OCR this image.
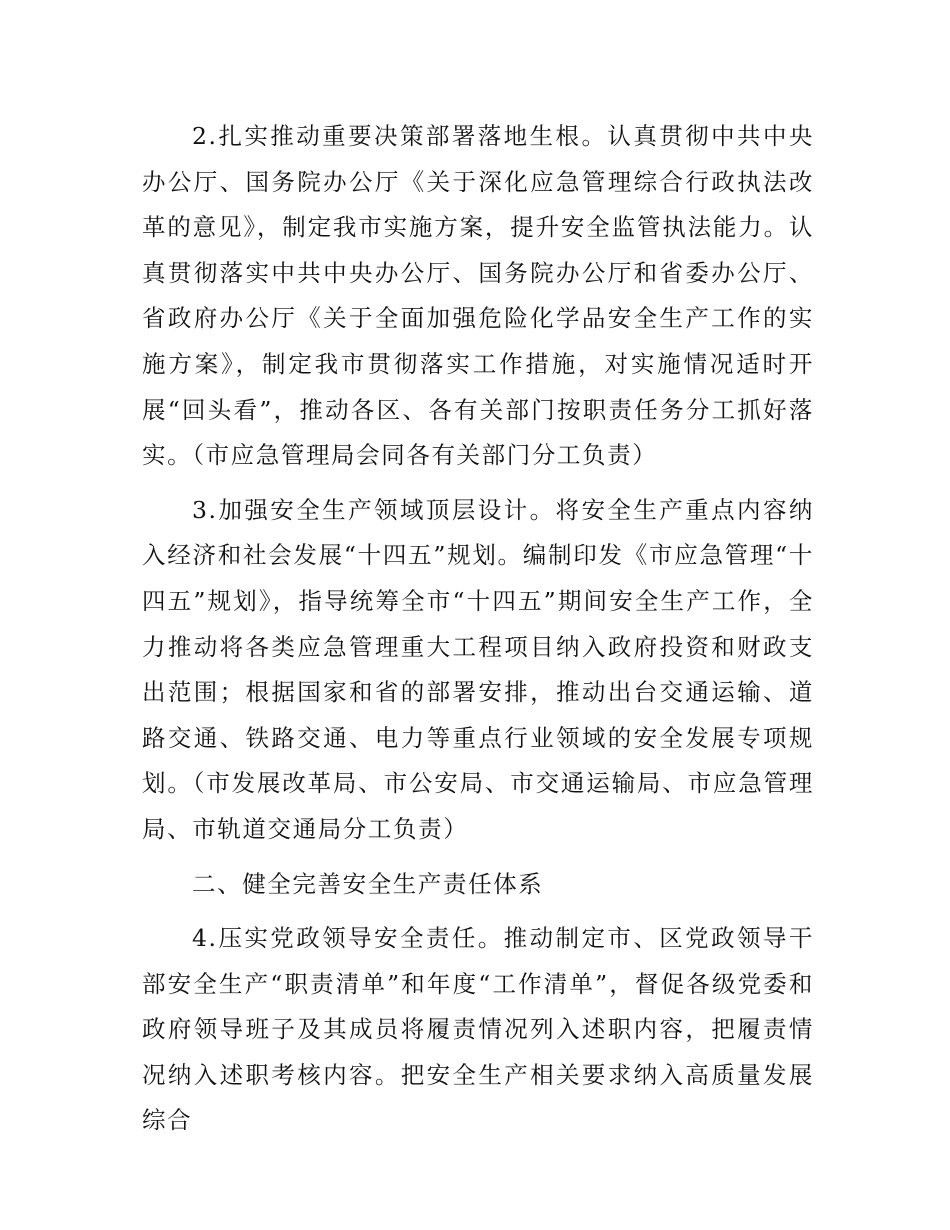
2.扎实推动重要决策部署落地生根。认真贯彻中共中央办公厅、国务院办公厅《关于深化应急管理综合行政执法改革的意见》，制定我市实施方案，提升安全监管执法能力。认真贯彻落实中共中央办公厅、国务院办公厅和省委办公厅、省政府办公厅《关于全面加强危险化学品安全生产工作的实施方案》，制定我市贯彻落实工作措施，对实施情况适时开展“回头看”，推动各区、各有关部门按职责任务分工抓好落实。（市应急管理局会同各有关部门分工负责）

3.加强安全生产领域顶层设计。将安全生产重点内容纳入经济和社会发展“十四五”规划。编制印发《市应急管理“十四五”规划》，指导统筹全市“十四五”期间安全生产工作，全力推动将各类应急管理重大工程项目纳入政府投资和财政支出范围；根据国家和省的部署安排，推动出台交通运输、道路交通、铁路交通、电力等重点行业领域的安全发展专项规划。（市发展改革局、市公安局、市交通运输局、市应急管理局、市轨道交通局分工负责）

二、健全完善安全生产责任体系

4.压实党政领导安全责任。推动制定市、区党政领导干部安全生产“职责清单”和年度“工作清单”，督促各级党委和政府领导班子及其成员将履责情况列入述职内容，把履责情况纳入述职考核内容。把安全生产相关要求纳入高质量发展综合
